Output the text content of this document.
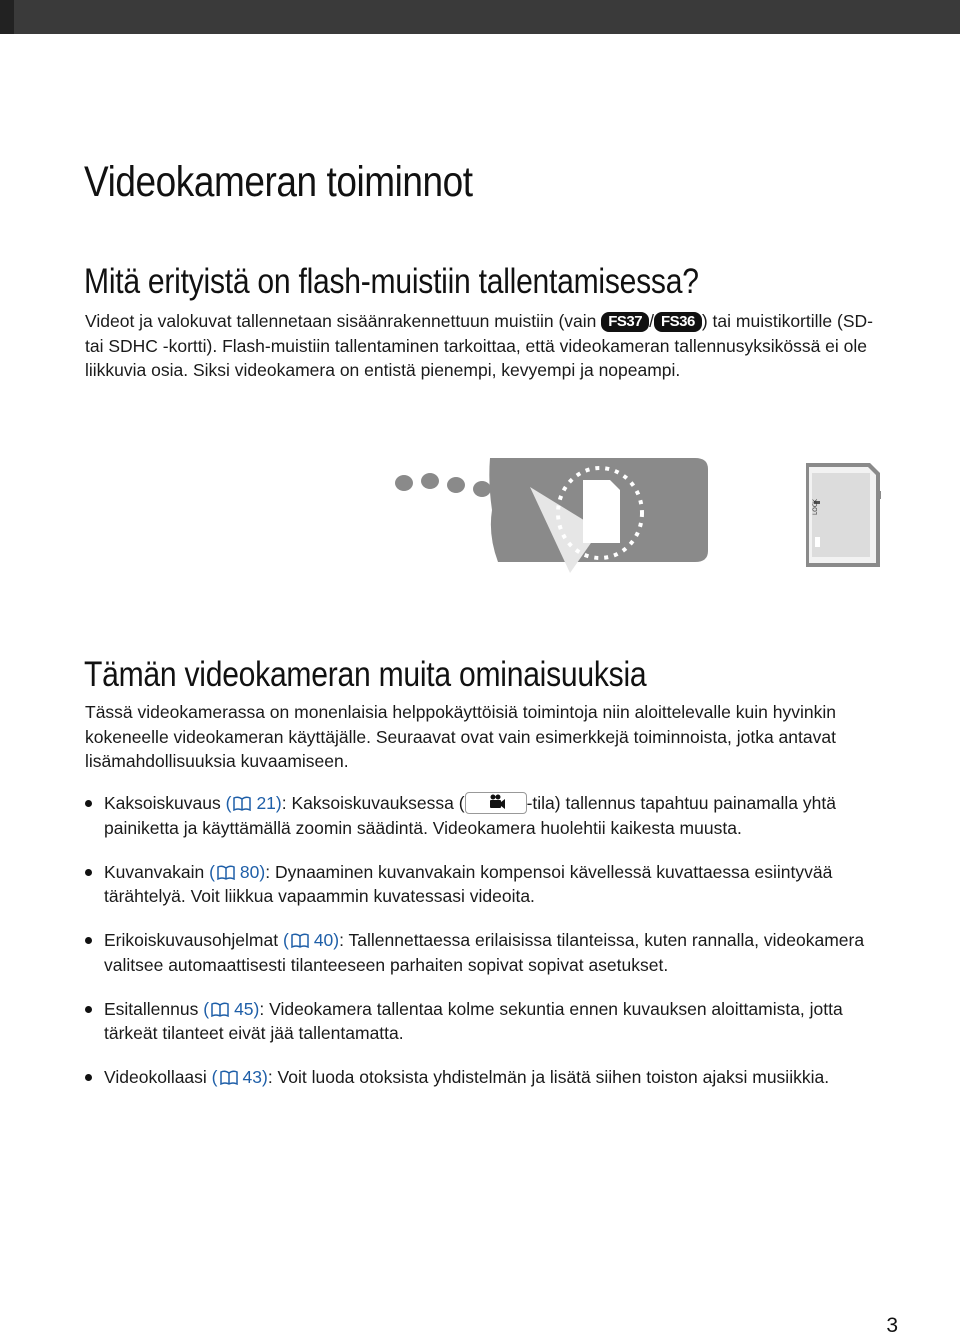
Videokameran toiminnot
Mitä erityistä on flash-muistiin tallentamisessa?
Videot ja valokuvat tallennetaan sisäänrakennettuun muistiin (vain FS37 / FS36 ) tai muistikortille (SD- tai SDHC -kortti). Flash-muistiin tallentaminen tarkoittaa, että videokameran tallennusyksikössä ei ole liikkuvia osia. Siksi videokamera on entistä pienempi, kevyempi ja nopeampi.
LOCK
Tämän videokameran muita ominaisuuksia
Tässä videokamerassa on monenlaisia helppokäyttöisiä toimintoja niin aloittelevalle kuin hyvinkin kokeneelle videokameran käyttäjälle. Seuraavat ovat vain esimerkkejä toiminnoista, jotka antavat lisämahdollisuuksia kuvaamiseen.
Kaksoiskuvaus ( 21): Kaksoiskuvauksessa (	-tila) tallennus tapahtuu painamalla yhtä painiketta ja käyttämällä zoomin säädintä. Videokamera huolehtii kaikesta muusta.
Kuvanvakain ( 80): Dynaaminen kuvanvakain kompensoi kävellessä kuvattaessa esiintyvää tärähtelyä. Voit liikkua vapaammin kuvatessasi videoita.
Erikoiskuvausohjelmat ( 40): Tallennettaessa erilaisissa tilanteissa, kuten rannalla, videokamera valitsee automaattisesti tilanteeseen parhaiten sopivat sopivat asetukset.
Esitallennus ( 45): Videokamera tallentaa kolme sekuntia ennen kuvauksen aloittamista, jotta tärkeät tilanteet eivät jää tallentamatta.
Videokollaasi ( 43): Voit luoda otoksista yhdistelmän ja lisätä siihen toiston ajaksi musiikkia.
3
